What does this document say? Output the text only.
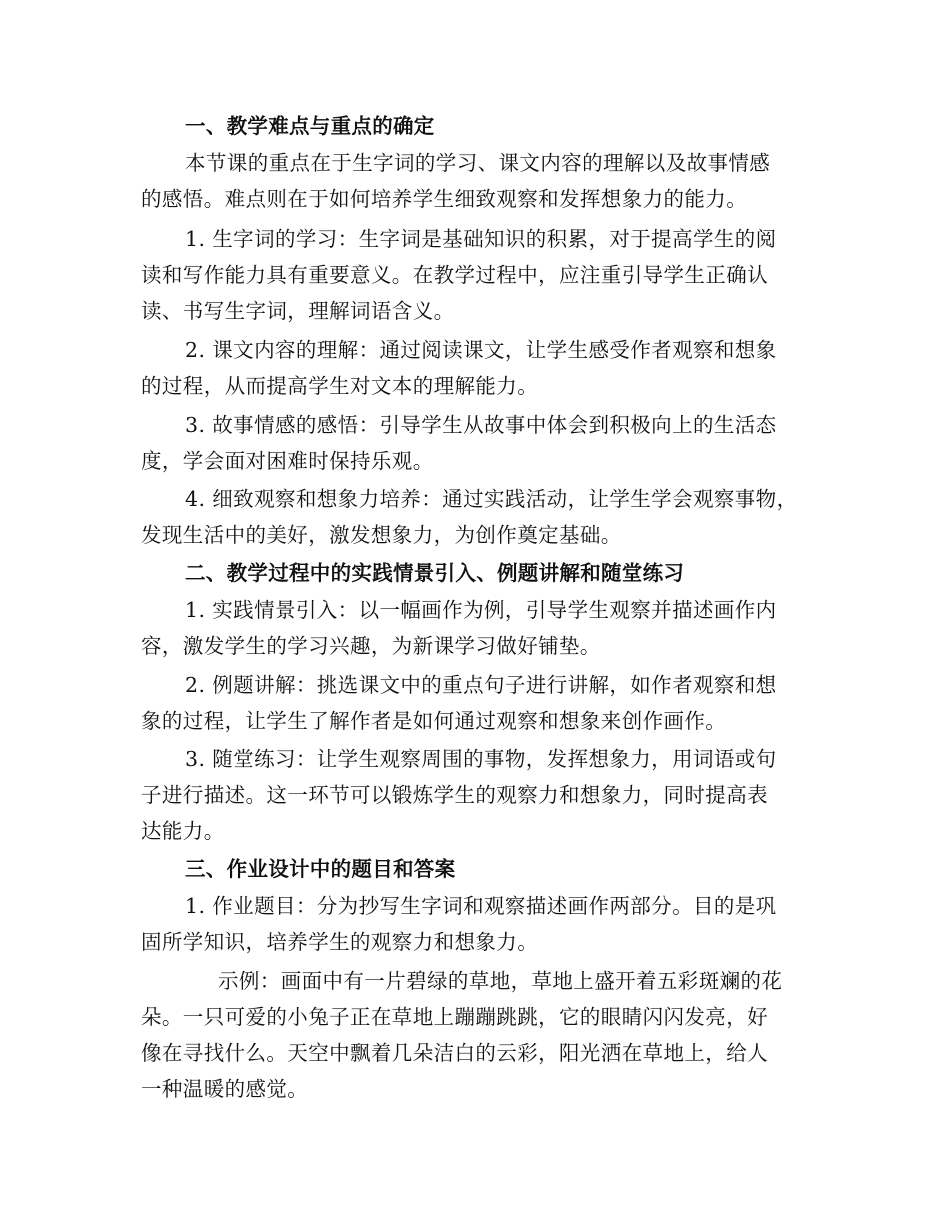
一、教学难点与重点的确定
本节课的重点在于生字词的学习、课文内容的理解以及故事情感
的感悟。难点则在于如何培养学生细致观察和发挥想象力的能力。
1. 生字词的学习：生字词是基础知识的积累，对于提高学生的阅
读和写作能力具有重要意义。在教学过程中，应注重引导学生正确认
读、书写生字词，理解词语含义。
2. 课文内容的理解：通过阅读课文，让学生感受作者观察和想象
的过程，从而提高学生对文本的理解能力。
3. 故事情感的感悟：引导学生从故事中体会到积极向上的生活态
度，学会面对困难时保持乐观。
4. 细致观察和想象力培养：通过实践活动，让学生学会观察事物，
发现生活中的美好，激发想象力，为创作奠定基础。
二、教学过程中的实践情景引入、例题讲解和随堂练习
1. 实践情景引入：以一幅画作为例，引导学生观察并描述画作内
容，激发学生的学习兴趣，为新课学习做好铺垫。
2. 例题讲解：挑选课文中的重点句子进行讲解，如作者观察和想
象的过程，让学生了解作者是如何通过观察和想象来创作画作。
3. 随堂练习：让学生观察周围的事物，发挥想象力，用词语或句
子进行描述。这一环节可以锻炼学生的观察力和想象力，同时提高表
达能力。
三、作业设计中的题目和答案
1. 作业题目：分为抄写生字词和观察描述画作两部分。目的是巩
固所学知识，培养学生的观察力和想象力。
示例：画面中有一片碧绿的草地，草地上盛开着五彩斑斓的花
朵。一只可爱的小兔子正在草地上蹦蹦跳跳，它的眼睛闪闪发亮，好
像在寻找什么。天空中飘着几朵洁白的云彩，阳光洒在草地上，给人
一种温暖的感觉。
